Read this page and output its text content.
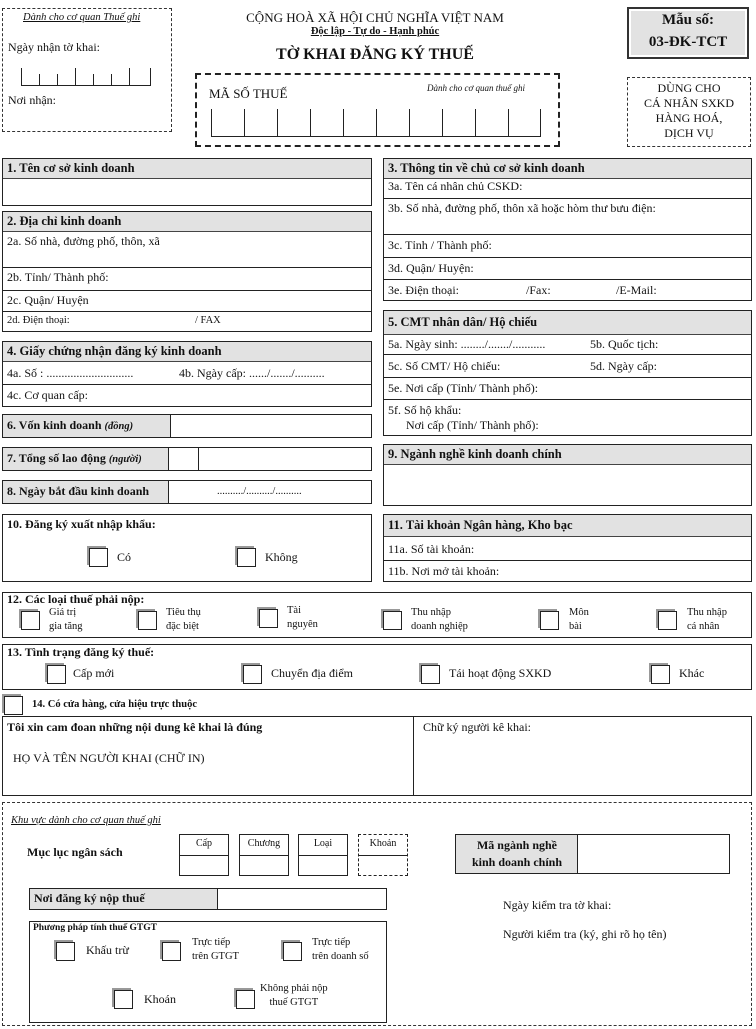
Dành cho cơ quan Thuế ghi
Ngày nhận tờ khai:
Nơi nhận:
CỘNG HOÀ XÃ HỘI CHỦ NGHĨA VIỆT NAM
Độc lập - Tự do - Hạnh phúc
TỜ KHAI ĐĂNG KÝ THUẾ
Mẫu số:
03-ĐK-TCT
DÙNG CHO
CÁ NHÂN SXKD
HÀNG HOÁ,
DỊCH VỤ
MÃ SỐ THUẾ	Dành cho cơ quan thuế ghi
1. Tên cơ sở kinh doanh
2. Địa chỉ kinh doanh
2a. Số nhà, đường phố, thôn, xã
2b. Tỉnh/ Thành phố:
2c. Quận/ Huyện
2d. Điện thoại:	/ FAX
4. Giấy chứng nhận đăng ký kinh doanh
4a. Số : .............................	4b. Ngày cấp: ....../......./..........
4c. Cơ quan cấp:
6. Vốn kinh doanh (đồng)
7. Tổng số lao động (người)
8. Ngày bắt đầu kinh doanh	........../........../..........
10. Đăng ký xuất nhập khẩu:
Có	Không
3. Thông tin về chủ cơ sở kinh doanh
3a. Tên cá nhân chủ CSKD:
3b. Số nhà, đường phố, thôn xã hoặc hòm thư bưu điện:
3c. Tỉnh / Thành phố:
3d. Quận/ Huyện:
3e. Điện thoại:	/Fax:	/E-Mail:
5. CMT nhân dân/ Hộ chiếu
5a. Ngày sinh: ......../......./...........	5b. Quốc tịch:
5c. Số CMT/ Hộ chiếu:	5d. Ngày cấp:
5e. Nơi cấp (Tỉnh/ Thành phố):
5f. Số hộ khẩu:
Nơi cấp (Tỉnh/ Thành phố):
9. Ngành nghề kinh doanh chính
11. Tài khoản Ngân hàng, Kho bạc
11a. Số tài khoản:
11b. Nơi mở tài khoản:
12. Các loại thuế phải nộp:
Giá trị
gia tăng
Tiêu thụ
đặc biệt
Tài
nguyên
Thu nhập
doanh nghiệp
Môn
bài
Thu nhập
cá nhân
13. Tình trạng đăng ký thuế:
Cấp mới	Chuyển địa điểm	Tái hoạt động SXKD	Khác
14. Có cửa hàng, cửa hiệu trực thuộc
Tôi xin cam đoan những nội dung kê khai là đúng
HỌ VÀ TÊN NGƯỜI KHAI (CHỮ IN)
Chữ ký người kê khai:
Khu vực dành cho cơ quan thuế ghi
Mục lục ngân sách
Cấp	Chương	Loại	Khoản	Mã ngành nghề
kinh doanh chính
Nơi đăng ký nộp thuế
Phương pháp tính thuế GTGT
Khấu trừ
Trực tiếp
trên GTGT
Trực tiếp
trên doanh số
Khoán
Không phải nộp
thuế GTGT
Ngày kiểm tra tờ khai:
Người kiểm tra (ký, ghi rõ họ tên)
